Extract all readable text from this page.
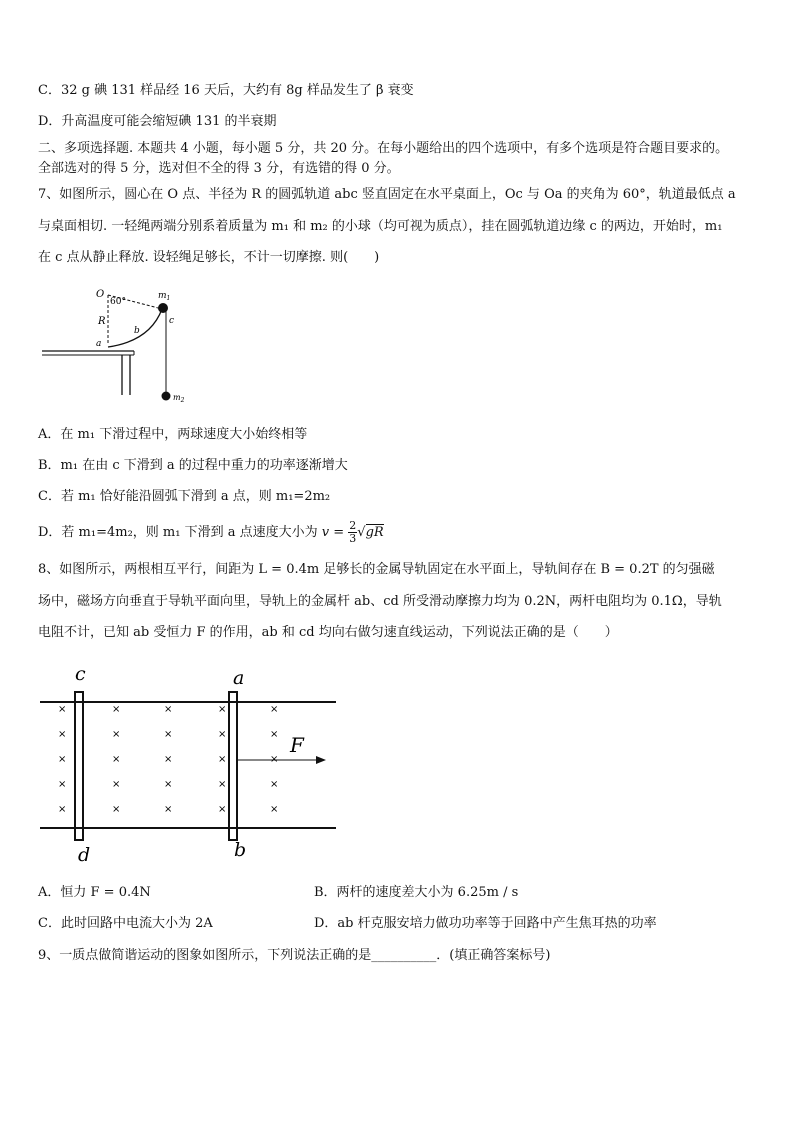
C．32 g 碘 131 样品经 16 天后，大约有 8g 样品发生了 β 衰变
D．升高温度可能会缩短碘 131 的半衰期
二、多项选择题. 本题共 4 小题，每小题 5 分，共 20 分。在每小题给出的四个选项中，有多个选项是符合题目要求的。
全部选对的得 5 分，选对但不全的得 3 分，有选错的得 0 分。
7、如图所示，圆心在 O 点、半径为 R 的圆弧轨道 abc 竖直固定在水平桌面上，Oc 与 Oa 的夹角为 60°，轨道最低点 a
与桌面相切. 一轻绳两端分别系着质量为 m₁ 和 m₂ 的小球（均可视为质点），挂在圆弧轨道边缘 c 的两边，开始时，m₁
在 c 点从静止释放. 设轻绳足够长，不计一切摩擦. 则(　　)
O
60°
$m_1$
R
b
c
a
$m_2$
A．在 m₁ 下滑过程中，两球速度大小始终相等
B．m₁ 在由 c 下滑到 a 的过程中重力的功率逐渐增大
C．若 m₁ 恰好能沿圆弧下滑到 a 点，则 m₁=2m₂
D．若 m₁=4m₂，则 m₁ 下滑到 a 点速度大小为 $v = \frac{2}{3} √gR$
8、如图所示，两根相互平行，间距为 L = 0.4m 足够长的金属导轨固定在水平面上，导轨间存在 B = 0.2T 的匀强磁
场中，磁场方向垂直于导轨平面向里，导轨上的金属杆 ab、cd 所受滑动摩擦力均为 0.2N，两杆电阻均为 0.1Ω，导轨
电阻不计，已知 ab 受恒力 F 的作用，ab 和 cd 均向右做匀速直线运动，下列说法正确的是（　　）
×
×
×
×
×
×
×
×
×
×
×
×
×
×
×
×
×
×
×
×
×
×
×
×
×
c	a
d	b
F
A．恒力 F = 0.4N	B．两杆的速度差大小为 6.25m / s
C．此时回路中电流大小为 2A	D．ab 杆克服安培力做功功率等于回路中产生焦耳热的功率
9、一质点做简谐运动的图象如图所示，下列说法正确的是__________．(填正确答案标号)
